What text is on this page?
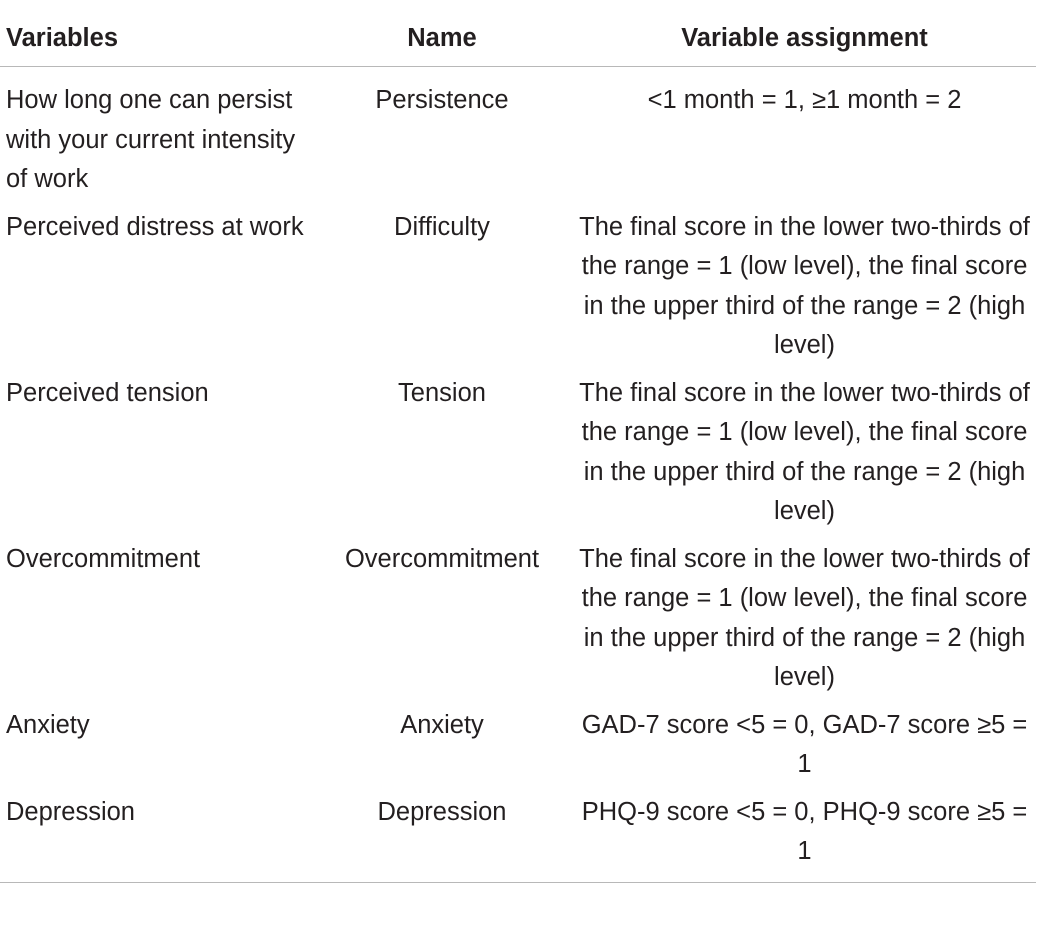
Variables	Name	Variable assignment
How long one can persist with your current intensity of work	Persistence	<1 month = 1, ≥1 month = 2
Perceived distress at work	Difficulty	The final score in the lower two-thirds of the range = 1 (low level), the final score in the upper third of the range = 2 (high level)
Perceived tension	Tension	The final score in the lower two-thirds of the range = 1 (low level), the final score in the upper third of the range = 2 (high level)
Overcommitment	Overcommitment	The final score in the lower two-thirds of the range = 1 (low level), the final score in the upper third of the range = 2 (high level)
Anxiety	Anxiety	GAD-7 score <5 = 0, GAD-7 score ≥5 = 1
Depression	Depression	PHQ-9 score <5 = 0, PHQ-9 score ≥5 = 1
